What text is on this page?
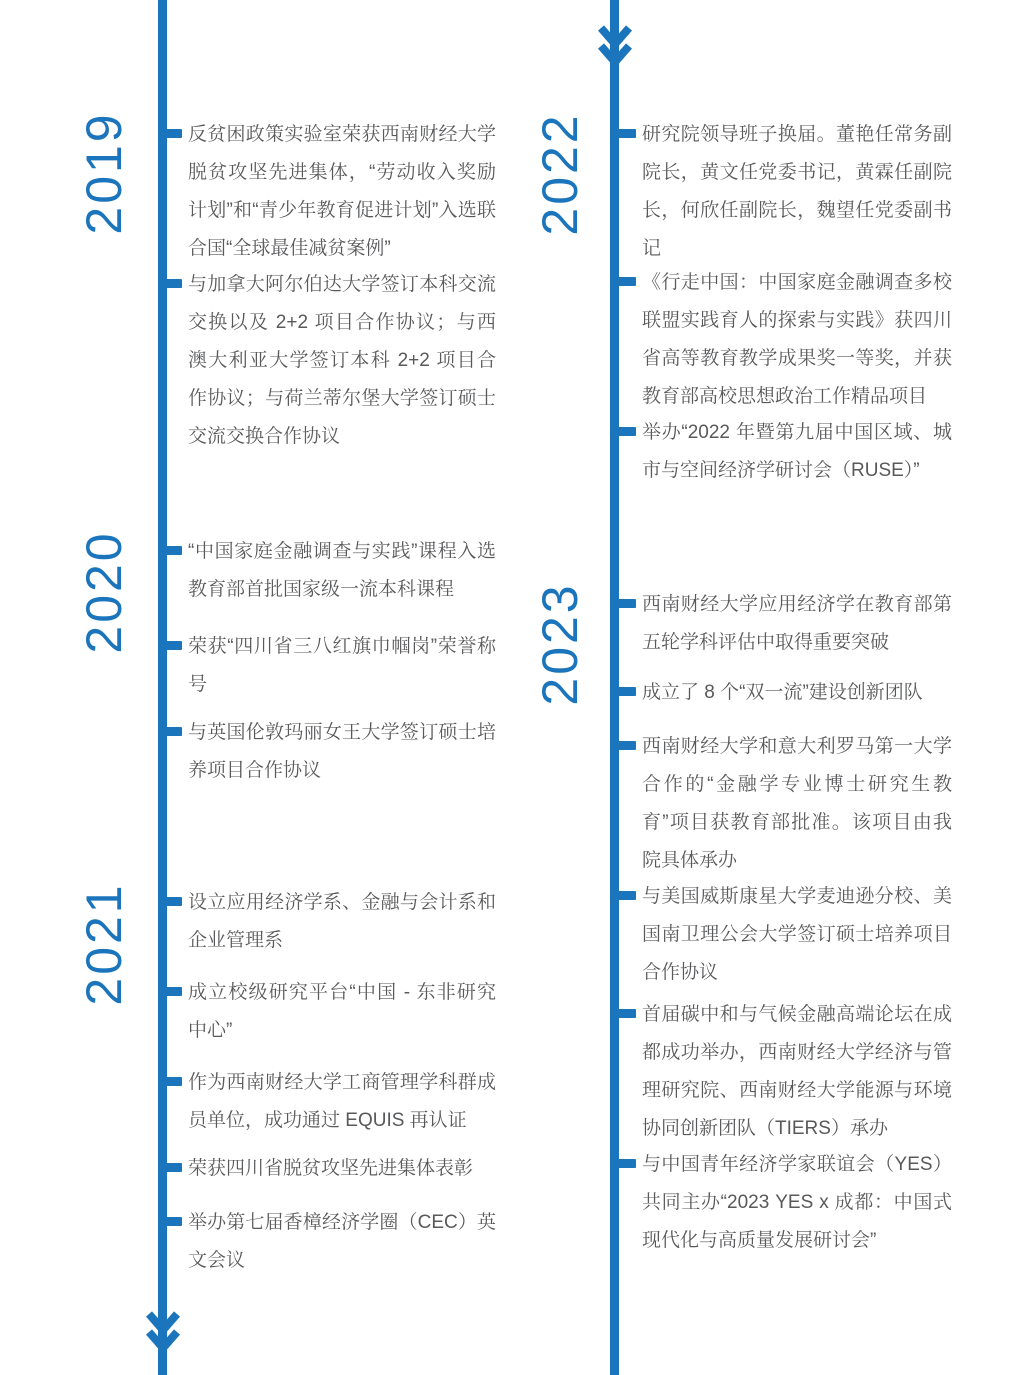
2019
2020
2021
2022
2023

反贫困政策实验室荣获西南财经大学脱贫攻坚先进集体，“劳动收入奖励计划”和“青少年教育促进计划”入选联合国“全球最佳减贫案例”

与加拿大阿尔伯达大学签订本科交流交换以及 2+2 项目合作协议；与西澳大利亚大学签订本科 2+2 项目合作协议；与荷兰蒂尔堡大学签订硕士交流交换合作协议

“中国家庭金融调查与实践”课程入选教育部首批国家级一流本科课程

荣获“四川省三八红旗巾帼岗”荣誉称号

与英国伦敦玛丽女王大学签订硕士培养项目合作协议

设立应用经济学系、金融与会计系和企业管理系

成立校级研究平台“中国 - 东非研究中心”

作为西南财经大学工商管理学科群成员单位，成功通过 EQUIS 再认证

荣获四川省脱贫攻坚先进集体表彰

举办第七届香樟经济学圈（CEC）英文会议

研究院领导班子换届。董艳任常务副院长，黄文任党委书记，黄霖任副院长，何欣任副院长，魏望任党委副书记

《行走中国：中国家庭金融调查多校联盟实践育人的探索与实践》获四川省高等教育教学成果奖一等奖，并获教育部高校思想政治工作精品项目

举办“2022 年暨第九届中国区域、城市与空间经济学研讨会（RUSE）”

西南财经大学应用经济学在教育部第五轮学科评估中取得重要突破

成立了 8 个“双一流”建设创新团队

西南财经大学和意大利罗马第一大学合作的“金融学专业博士研究生教育”项目获教育部批准。该项目由我院具体承办

与美国威斯康星大学麦迪逊分校、美国南卫理公会大学签订硕士培养项目合作协议

首届碳中和与气候金融高端论坛在成都成功举办，西南财经大学经济与管理研究院、西南财经大学能源与环境协同创新团队（TIERS）承办

与中国青年经济学家联谊会（YES）共同主办“2023 YES x 成都：中国式现代化与高质量发展研讨会”
